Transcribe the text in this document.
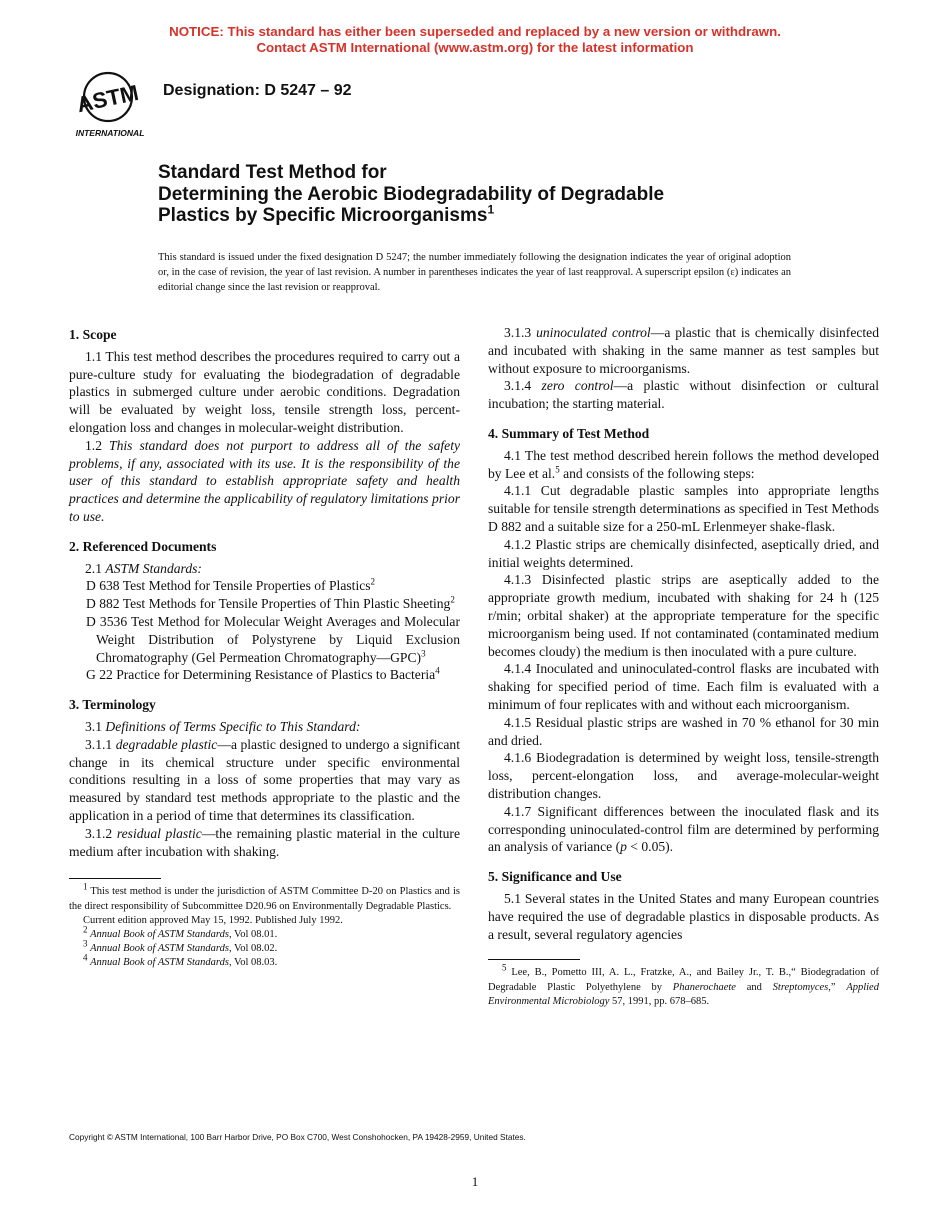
NOTICE: This standard has either been superseded and replaced by a new version or withdrawn.
Contact ASTM International (www.astm.org) for the latest information
ASTM
INTERNATIONAL
Designation: D 5247 – 92
Standard Test Method for
Determining the Aerobic Biodegradability of Degradable
Plastics by Specific Microorganisms$^1$
This standard is issued under the fixed designation D 5247; the number immediately following the designation indicates the year of original adoption or, in the case of revision, the year of last revision. A number in parentheses indicates the year of last reapproval. A superscript epsilon (ε) indicates an editorial change since the last revision or reapproval.
1. Scope

1.1 This test method describes the procedures required to carry out a pure-culture study for evaluating the biodegradation of degradable plastics in submerged culture under aerobic conditions. Degradation will be evaluated by weight loss, tensile strength loss, percent-elongation loss and changes in molecular-weight distribution.

1.2 This standard does not purport to address all of the safety problems, if any, associated with its use. It is the responsibility of the user of this standard to establish appropriate safety and health practices and determine the applicability of regulatory limitations prior to use.

2. Referenced Documents

2.1 ASTM Standards:

D 638 Test Method for Tensile Properties of Plastics$^2$

D 882 Test Methods for Tensile Properties of Thin Plastic Sheeting$^2$

D 3536 Test Method for Molecular Weight Averages and Molecular Weight Distribution of Polystyrene by Liquid Exclusion Chromatography (Gel Permeation Chromatography—GPC)$^3$

G 22 Practice for Determining Resistance of Plastics to Bacteria$^4$

3. Terminology

3.1 Definitions of Terms Specific to This Standard:

3.1.1 degradable plastic—a plastic designed to undergo a significant change in its chemical structure under specific environmental conditions resulting in a loss of some properties that may vary as measured by standard test methods appropriate to the plastic and the application in a period of time that determines its classification.

3.1.2 residual plastic—the remaining plastic material in the culture medium after incubation with shaking.

$^1$ This test method is under the jurisdiction of ASTM Committee D-20 on Plastics and is the direct responsibility of Subcommittee D20.96 on Environmentally Degradable Plastics.

Current edition approved May 15, 1992. Published July 1992.

$^2$ Annual Book of ASTM Standards, Vol 08.01.

$^3$ Annual Book of ASTM Standards, Vol 08.02.

$^4$ Annual Book of ASTM Standards, Vol 08.03.

3.1.3 uninoculated control—a plastic that is chemically disinfected and incubated with shaking in the same manner as test samples but without exposure to microorganisms.

3.1.4 zero control—a plastic without disinfection or cultural incubation; the starting material.

4. Summary of Test Method

4.1 The test method described herein follows the method developed by Lee et al.$^5$ and consists of the following steps:

4.1.1 Cut degradable plastic samples into appropriate lengths suitable for tensile strength determinations as specified in Test Methods D 882 and a suitable size for a 250-mL Erlenmeyer shake-flask.

4.1.2 Plastic strips are chemically disinfected, aseptically dried, and initial weights determined.

4.1.3 Disinfected plastic strips are aseptically added to the appropriate growth medium, incubated with shaking for 24 h (125 r/min; orbital shaker) at the appropriate temperature for the specific microorganism being used. If not contaminated (contaminated medium becomes cloudy) the medium is then inoculated with a pure culture.

4.1.4 Inoculated and uninoculated-control flasks are incubated with shaking for specified period of time. Each film is evaluated with a minimum of four replicates with and without each microorganism.

4.1.5 Residual plastic strips are washed in 70 % ethanol for 30 min and dried.

4.1.6 Biodegradation is determined by weight loss, tensile-strength loss, percent-elongation loss, and average-molecular-weight distribution changes.

4.1.7 Significant differences between the inoculated flask and its corresponding uninoculated-control film are determined by performing an analysis of variance (p < 0.05).

5. Significance and Use

5.1 Several states in the United States and many European countries have required the use of degradable plastics in disposable products. As a result, several regulatory agencies

$^5$ Lee, B., Pometto III, A. L., Fratzke, A., and Bailey Jr., T. B.,“ Biodegradation of Degradable Plastic Polyethylene by Phanerochaete and Streptomyces,” Applied Environmental Microbiology 57, 1991, pp. 678–685.

Copyright © ASTM International, 100 Barr Harbor Drive, PO Box C700, West Conshohocken, PA 19428-2959, United States.
1
